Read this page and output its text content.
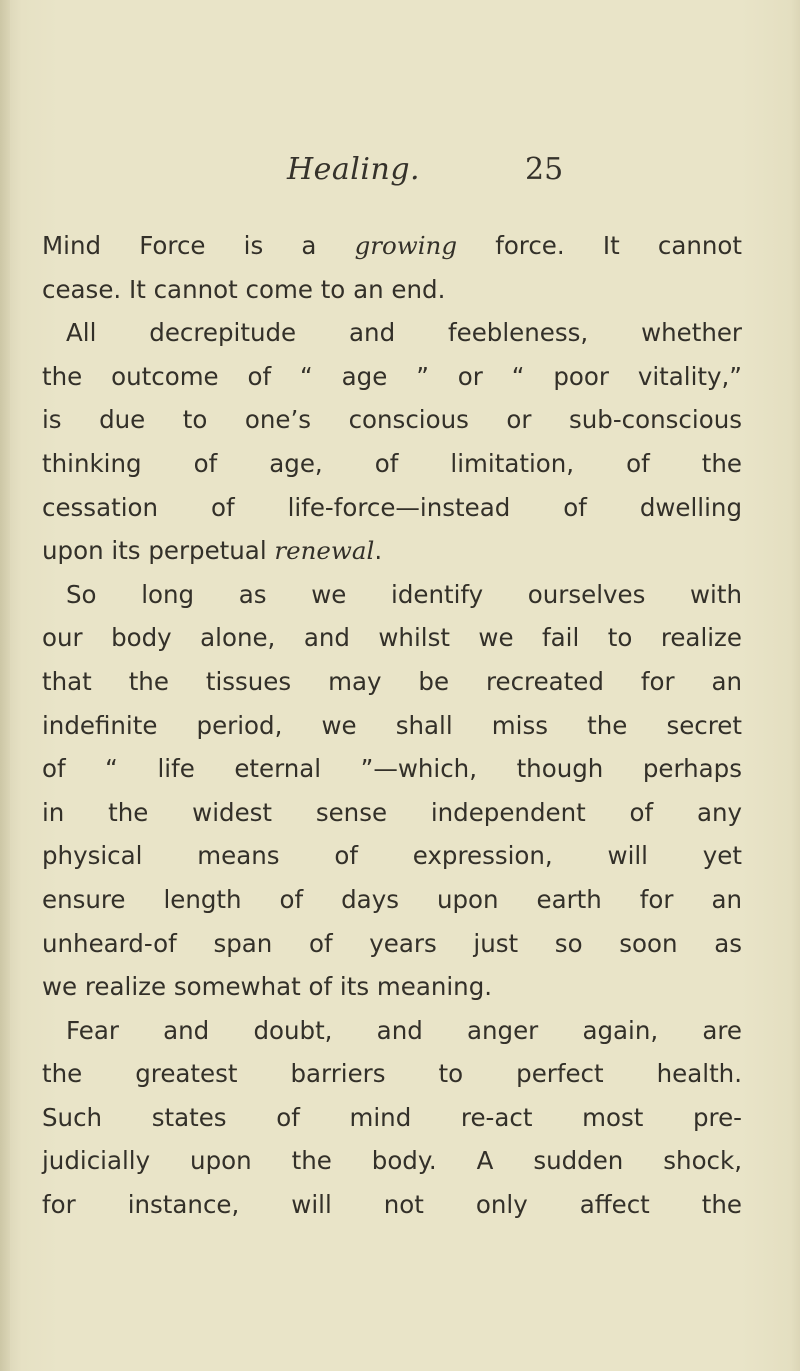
Healing.	25
Mind Force is a growing force. It cannot
cease. It cannot come to an end.
All decrepitude and feebleness, whether
the outcome of “ age ” or “ poor vitality,”
is due to one’s conscious or sub-conscious
thinking of age, of limitation, of the
cessation of life-force—instead of dwelling
upon its perpetual renewal.
So long as we identify ourselves with
our body alone, and whilst we fail to realize
that the tissues may be recreated for an
indefinite period, we shall miss the secret
of “ life eternal ”—which, though perhaps
in the widest sense independent of any
physical means of expression, will yet
ensure length of days upon earth for an
unheard-of span of years just so soon as
we realize somewhat of its meaning.
Fear and doubt, and anger again, are
the greatest barriers to perfect health.
Such states of mind re-act most pre-
judicially upon the body. A sudden shock,
for instance, will not only affect the
